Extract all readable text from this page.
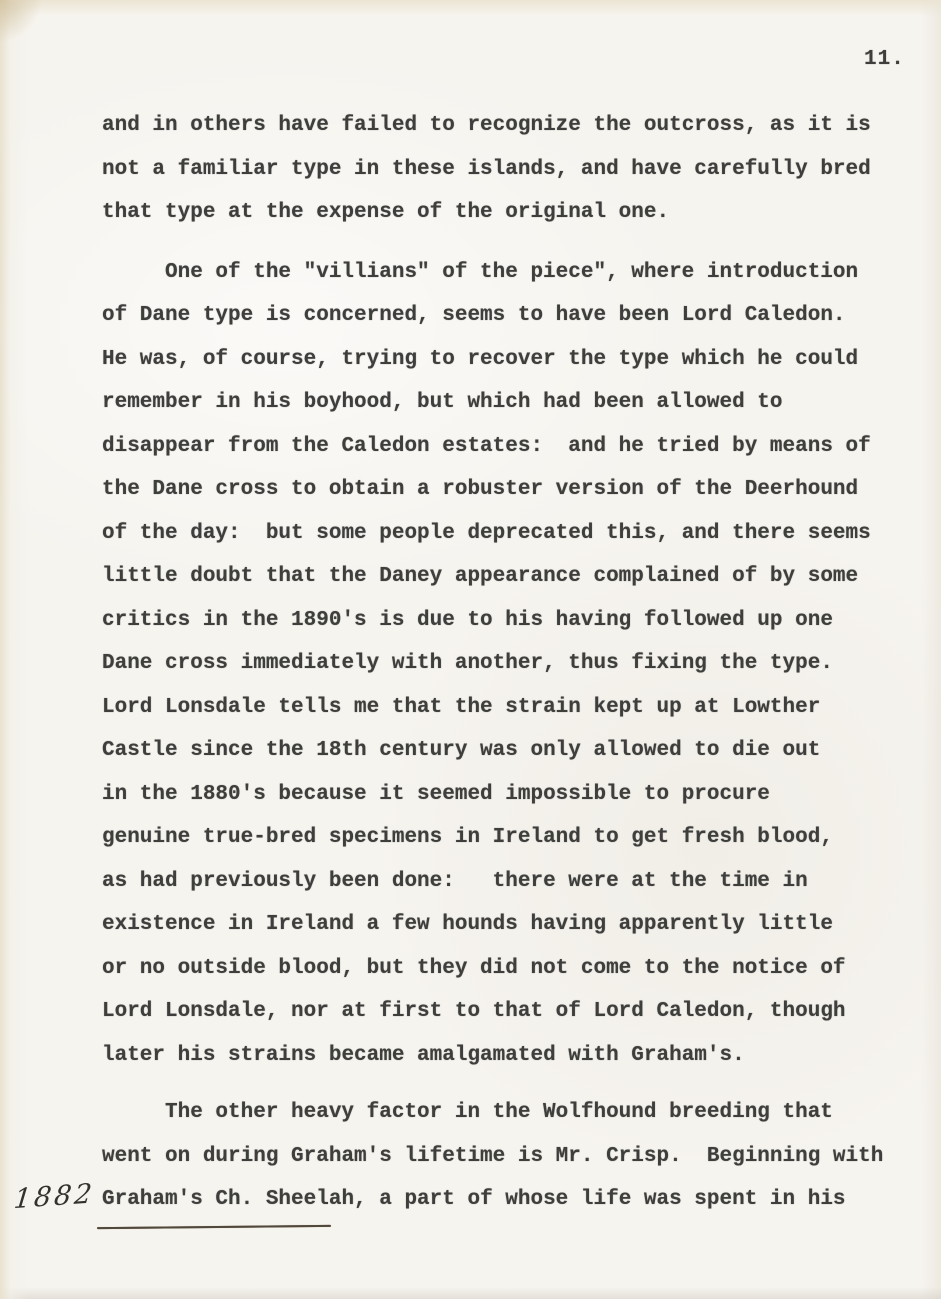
11.
1882
and in others have failed to recognize the outcross, as it is
not a familiar type in these islands, and have carefully bred
that type at the expense of the original one.
One of the "villians" of the piece", where introduction
of Dane type is concerned, seems to have been Lord Caledon.
He was, of course, trying to recover the type which he could
remember in his boyhood, but which had been allowed to
disappear from the Caledon estates:  and he tried by means of
the Dane cross to obtain a robuster version of the Deerhound
of the day:  but some people deprecated this, and there seems
little doubt that the Daney appearance complained of by some
critics in the 1890's is due to his having followed up one
Dane cross immediately with another, thus fixing the type.
Lord Lonsdale tells me that the strain kept up at Lowther
Castle since the 18th century was only allowed to die out
in the 1880's because it seemed impossible to procure
genuine true-bred specimens in Ireland to get fresh blood,
as had previously been done:   there were at the time in
existence in Ireland a few hounds having apparently little
or no outside blood, but they did not come to the notice of
Lord Lonsdale, nor at first to that of Lord Caledon, though
later his strains became amalgamated with Graham's.
The other heavy factor in the Wolfhound breeding that
went on during Graham's lifetime is Mr. Crisp.  Beginning with
Graham's Ch. Sheelah, a part of whose life was spent in his
